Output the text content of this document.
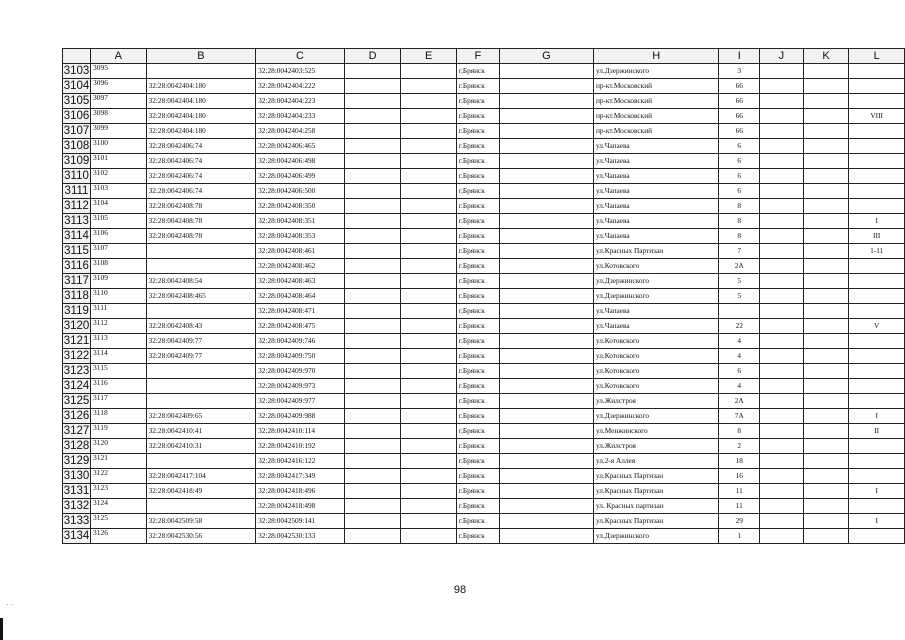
	A	B	C	D	E	F	G	H	I	J	K	L
3103	3095		32:28:0042403:525			г.Брянск		ул.Дзержинского	3			
3104	3096	32:28:0042404:180	32:28:0042404:222			г.Брянск		пр-кт.Московский	66			
3105	3097	32:28:0042404:180	32:28:0042404:223			г.Брянск		пр-кт.Московский	66			
3106	3098	32:28:0042404:180	32:28:0042404:233			г.Брянск		пр-кт.Московский	66			VIII
3107	3099	32:28:0042404:180	32:28:0042404:258			г.Брянск		пр-кт.Московский	66			
3108	3100	32:28:0042406:74	32:28:0042406:465			г.Брянск		ул.Чапаева	6			
3109	3101	32:28:0042406:74	32:28:0042406:498			г.Брянск		ул.Чапаева	6			
3110	3102	32:28:0042406:74	32:28:0042406:499			г.Брянск		ул.Чапаева	6			
3111	3103	32:28:0042406:74	32:28:0042406:500			г.Брянск		ул.Чапаева	6			
3112	3104	32:28:0042408:78	32:28:0042408:350			г.Брянск		ул.Чапаева	8			
3113	3105	32:28:0042408:78	32:28:0042408:351			г.Брянск		ул.Чапаева	8			I
3114	3106	32:28:0042408:78	32:28:0042408:353			г.Брянск		ул.Чапаева	8			III
3115	3107		32:28:0042408:461			г.Брянск		ул.Красных Партизан	7			1-11
3116	3108		32:28:0042408:462			г.Брянск		ул.Котовского	2А			
3117	3109	32:28:0042408:54	32:28:0042408:463			г.Брянск		ул.Дзержинского	5			
3118	3110	32:28:0042408:465	32:28:0042408:464			г.Брянск		ул.Дзержинского	5			
3119	3111		32:28:0042408:471			г.Брянск		ул.Чапаева				
3120	3112	32:28:0042408:43	32:28:0042408:475			г.Брянск		ул.Чапаева	22			V
3121	3113	32:28:0042409:77	32:28:0042409:746			г.Брянск		ул.Котовского	4			
3122	3114	32:28:0042409:77	32:28:0042409:750			г.Брянск		ул.Котовского	4			
3123	3115		32:28:0042409:970			г.Брянск		ул.Котовского	6			
3124	3116		32:28:0042409:973			г.Брянск		ул.Котовского	4			
3125	3117		32:28:0042409:977			г.Брянск		ул.Жилстроя	2А			
3126	3118	32:28:0042409:65	32:28:0042409:988			г.Брянск		ул.Дзержинского	7А			I
3127	3119	32:28:0042410:41	32:28:0042410:114			г.Брянск		ул.Менжинского	8			II
3128	3120	32:28:0042410:31	32:28:0042410:192			г.Брянск		ул.Жилстроя	2			
3129	3121		32:28:0042416:122			г.Брянск		ул.2-я Аллея	18			
3130	3122	32:28:0042417:104	32:28:0042417:349			г.Брянск		ул.Красных Партизан	16			
3131	3123	32:28:0042418:49	32:28:0042418:496			г.Брянск		ул.Красных Партизан	11			I
3132	3124		32:28:0042418:498			г.Брянск		ул. Красных партизан	11			
3133	3125	32:28:0042509:58	32:28:0042509:141			г.Брянск		ул.Красных Партизан	29			I
3134	3126	32:28:0042530:56	32:28:0042530:133			г.Брянск		ул.Дзержинского	1			
98
· ·
